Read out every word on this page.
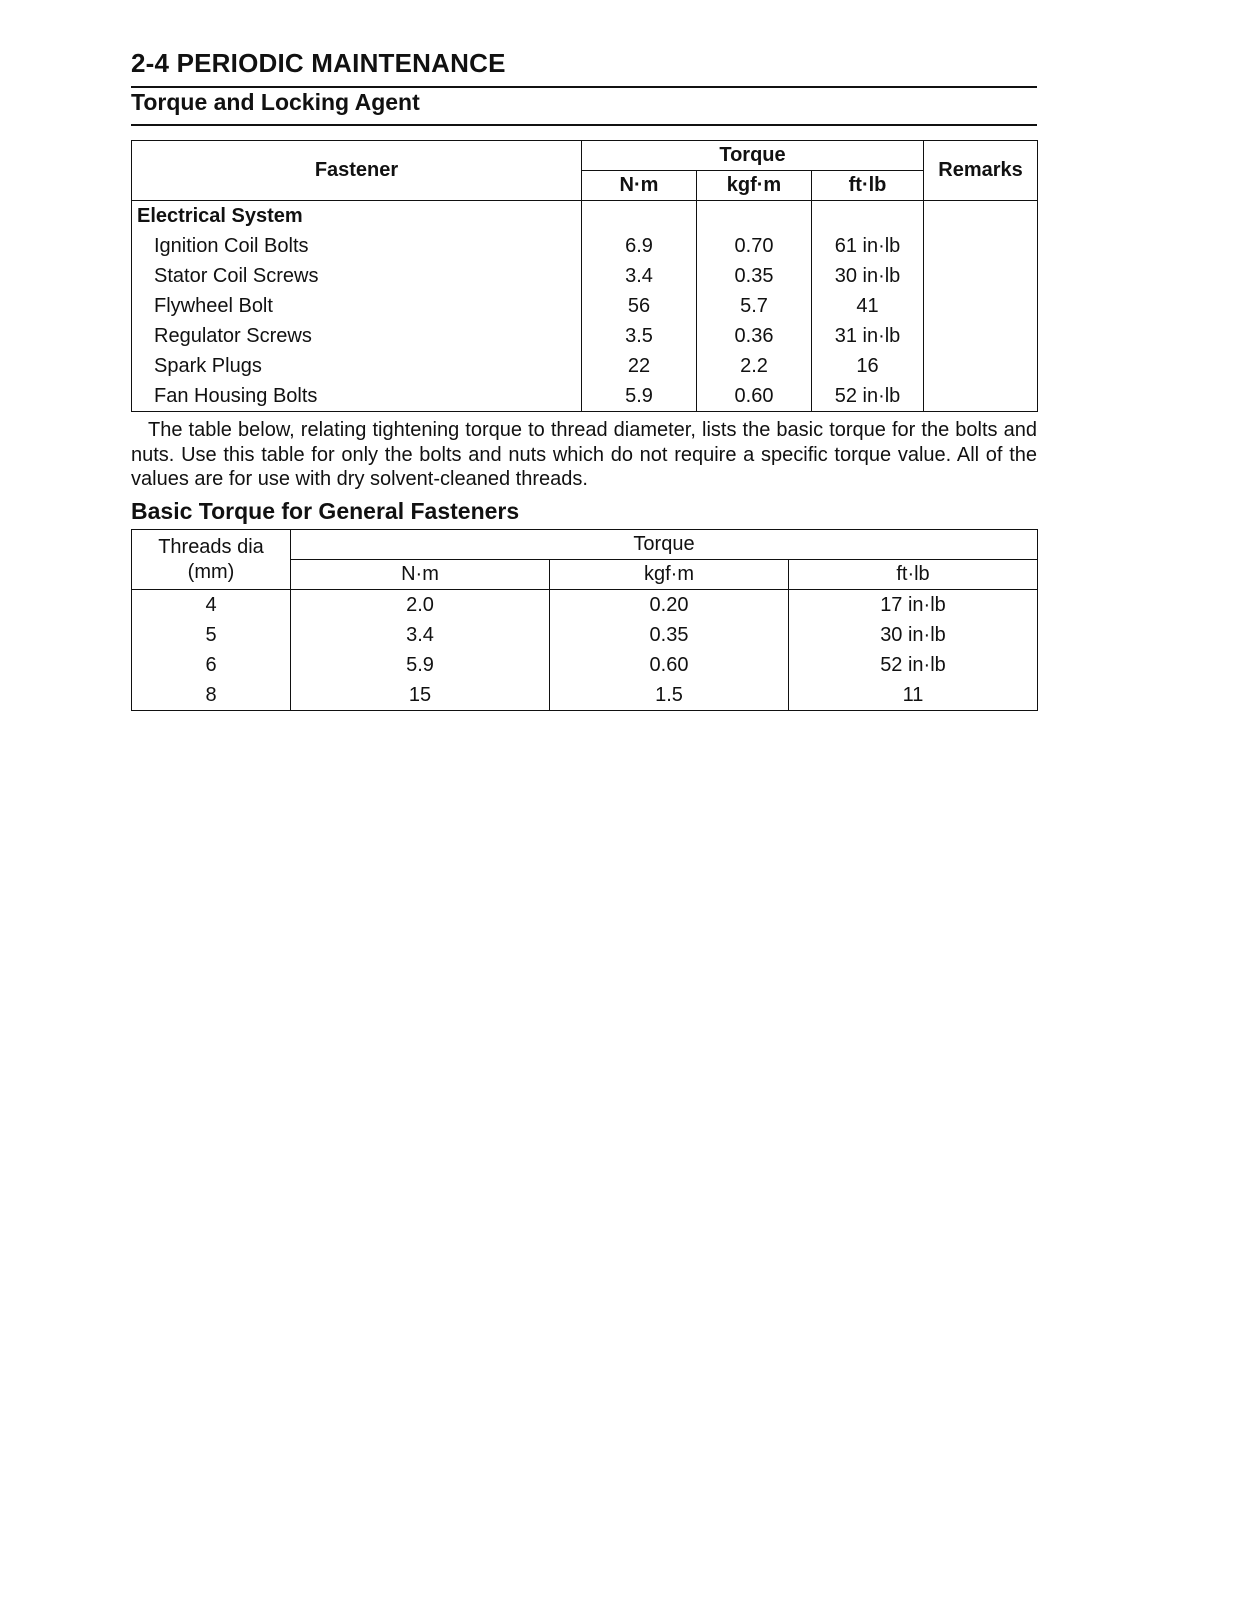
2-4 PERIODIC MAINTENANCE
Torque and Locking Agent
Fastener	Torque			Remarks
	N·m	kgf·m	ft·lb	
Electrical System				
Ignition Coil Bolts	6.9	0.70	61 in·lb	
Stator Coil Screws	3.4	0.35	30 in·lb	
Flywheel Bolt	56	5.7	41	
Regulator Screws	3.5	0.36	31 in·lb	
Spark Plugs	22	2.2	16	
Fan Housing Bolts	5.9	0.60	52 in·lb	
The table below, relating tightening torque to thread diameter, lists the basic torque for the bolts and nuts. Use this table for only the bolts and nuts which do not require a specific torque value. All of the values are for use with dry solvent-cleaned threads.
Basic Torque for General Fasteners
Threads dia
(mm)	Torque		
	N·m	kgf·m	ft·lb
4	2.0	0.20	17 in·lb
5	3.4	0.35	30 in·lb
6	5.9	0.60	52 in·lb
8	15	1.5	11
